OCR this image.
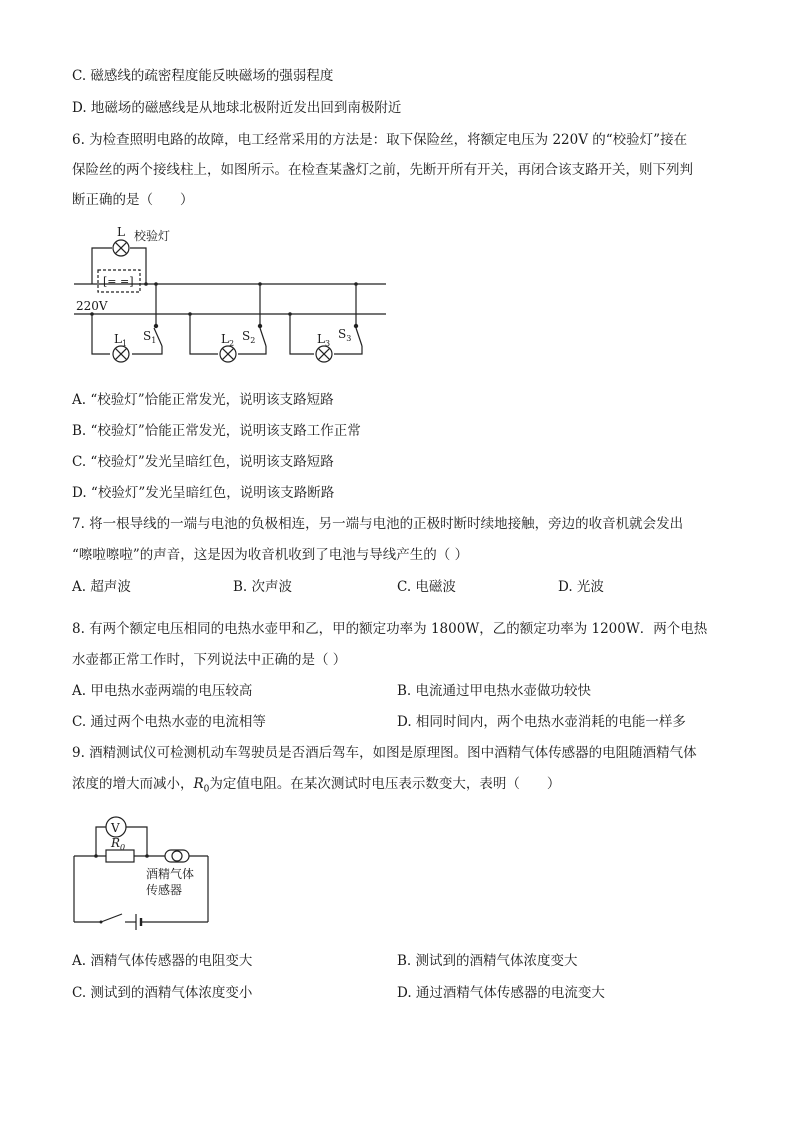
C. 磁感线的疏密程度能反映磁场的强弱程度
D. 地磁场的磁感线是从地球北极附近发出回到南极附近
6. 为检查照明电路的故障，电工经常采用的方法是：取下保险丝，将额定电压为 220V 的“校验灯”接在
保险丝的两个接线柱上，如图所示。在检查某盏灯之前，先断开所有开关，再闭合该支路开关，则下列判
断正确的是（　　）
L 校验灯
220V
$L_1$	$L_2$	$L_3$
$S_1$	$S_2$	$S_3$
[= =]
A. “校验灯”恰能正常发光，说明该支路短路
B. “校验灯”恰能正常发光，说明该支路工作正常
C. “校验灯”发光呈暗红色，说明该支路短路
D. “校验灯”发光呈暗红色，说明该支路断路
7. 将一根导线的一端与电池的负极相连，另一端与电池的正极时断时续地接触，旁边的收音机就会发出
“嚓啦嚓啦”的声音，这是因为收音机收到了电池与导线产生的（ ）
A. 超声波	B. 次声波	C. 电磁波	D. 光波
8. 有两个额定电压相同的电热水壶甲和乙，甲的额定功率为 1800W，乙的额定功率为 1200W．两个电热
水壶都正常工作时，下列说法中正确的是（ ）
A. 甲电热水壶两端的电压较高	B. 电流通过甲电热水壶做功较快
C. 通过两个电热水壶的电流相等	D. 相同时间内，两个电热水壶消耗的电能一样多
9. 酒精测试仪可检测机动车驾驶员是否酒后驾车，如图是原理图。图中酒精气体传感器的电阻随酒精气体
浓度的增大而减小，$R_0$为定值电阻。在某次测试时电压表示数变大，表明（　　）
V
$R_0$
酒精气体
传感器
A. 酒精气体传感器的电阻变大	B. 测试到的酒精气体浓度变大
C. 测试到的酒精气体浓度变小	D. 通过酒精气体传感器的电流变大
